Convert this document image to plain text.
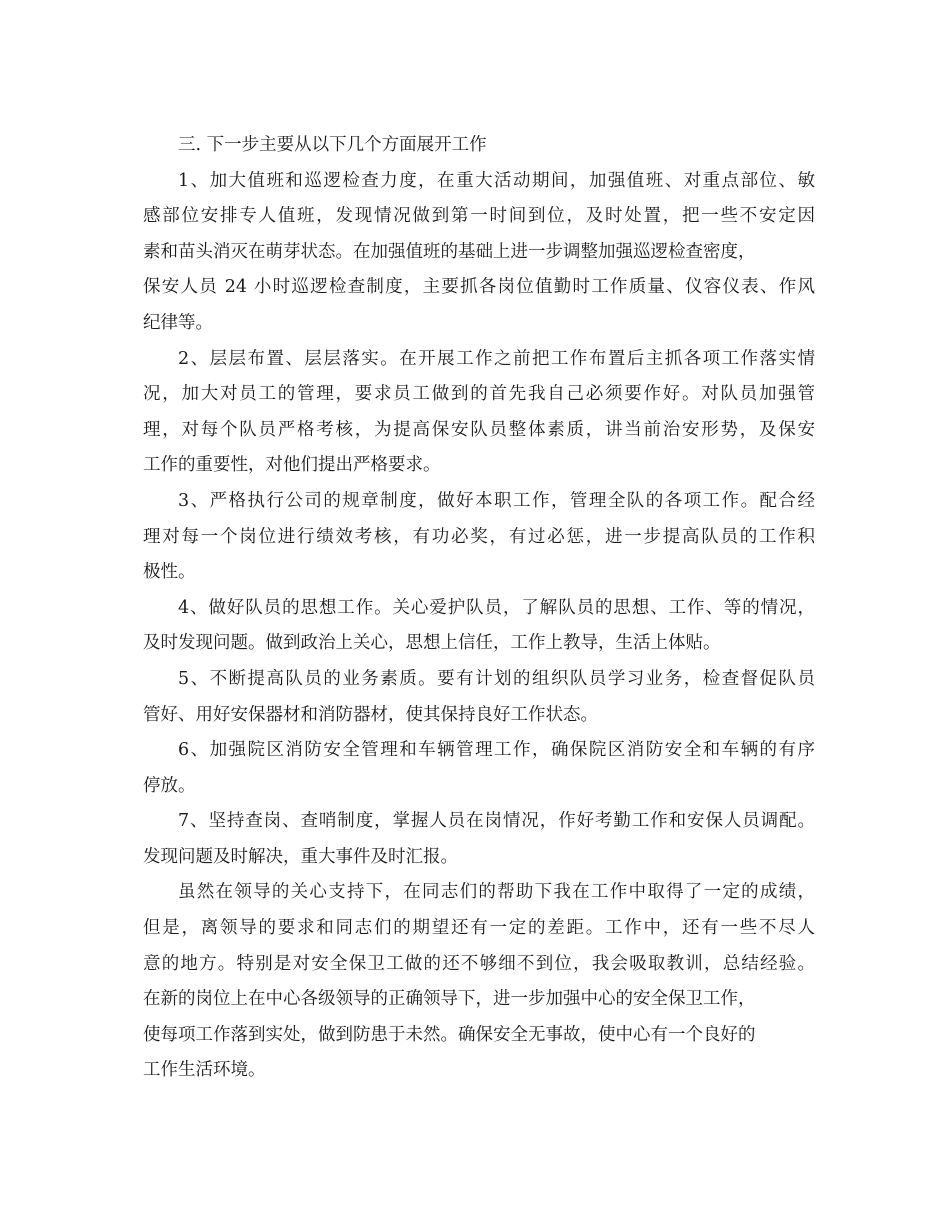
三. 下一步主要从以下几个方面展开工作
1、加大值班和巡逻检查力度，在重大活动期间，加强值班、对重点部位、敏
感部位安排专人值班，发现情况做到第一时间到位，及时处置，把一些不安定因
素和苗头消灭在萌芽状态。在加强值班的基础上进一步调整加强巡逻检查密度，
保安人员 24 小时巡逻检查制度，主要抓各岗位值勤时工作质量、仪容仪表、作风
纪律等。
2、层层布置、层层落实。在开展工作之前把工作布置后主抓各项工作落实情
况，加大对员工的管理，要求员工做到的首先我自己必须要作好。对队员加强管
理，对每个队员严格考核，为提高保安队员整体素质，讲当前治安形势，及保安
工作的重要性，对他们提出严格要求。
3、严格执行公司的规章制度，做好本职工作，管理全队的各项工作。配合经
理对每一个岗位进行绩效考核，有功必奖，有过必惩，进一步提高队员的工作积
极性。
4、做好队员的思想工作。关心爱护队员，了解队员的思想、工作、等的情况，
及时发现问题。做到政治上关心，思想上信任，工作上教导，生活上体贴。
5、不断提高队员的业务素质。要有计划的组织队员学习业务，检查督促队员
管好、用好安保器材和消防器材，使其保持良好工作状态。
6、加强院区消防安全管理和车辆管理工作，确保院区消防安全和车辆的有序
停放。
7、坚持查岗、查哨制度，掌握人员在岗情况，作好考勤工作和安保人员调配。
发现问题及时解决，重大事件及时汇报。
虽然在领导的关心支持下，在同志们的帮助下我在工作中取得了一定的成绩，
但是，离领导的要求和同志们的期望还有一定的差距。工作中，还有一些不尽人
意的地方。特别是对安全保卫工做的还不够细不到位，我会吸取教训，总结经验。
在新的岗位上在中心各级领导的正确领导下，进一步加强中心的安全保卫工作，
使每项工作落到实处，做到防患于未然。确保安全无事故，使中心有一个良好的
工作生活环境。
